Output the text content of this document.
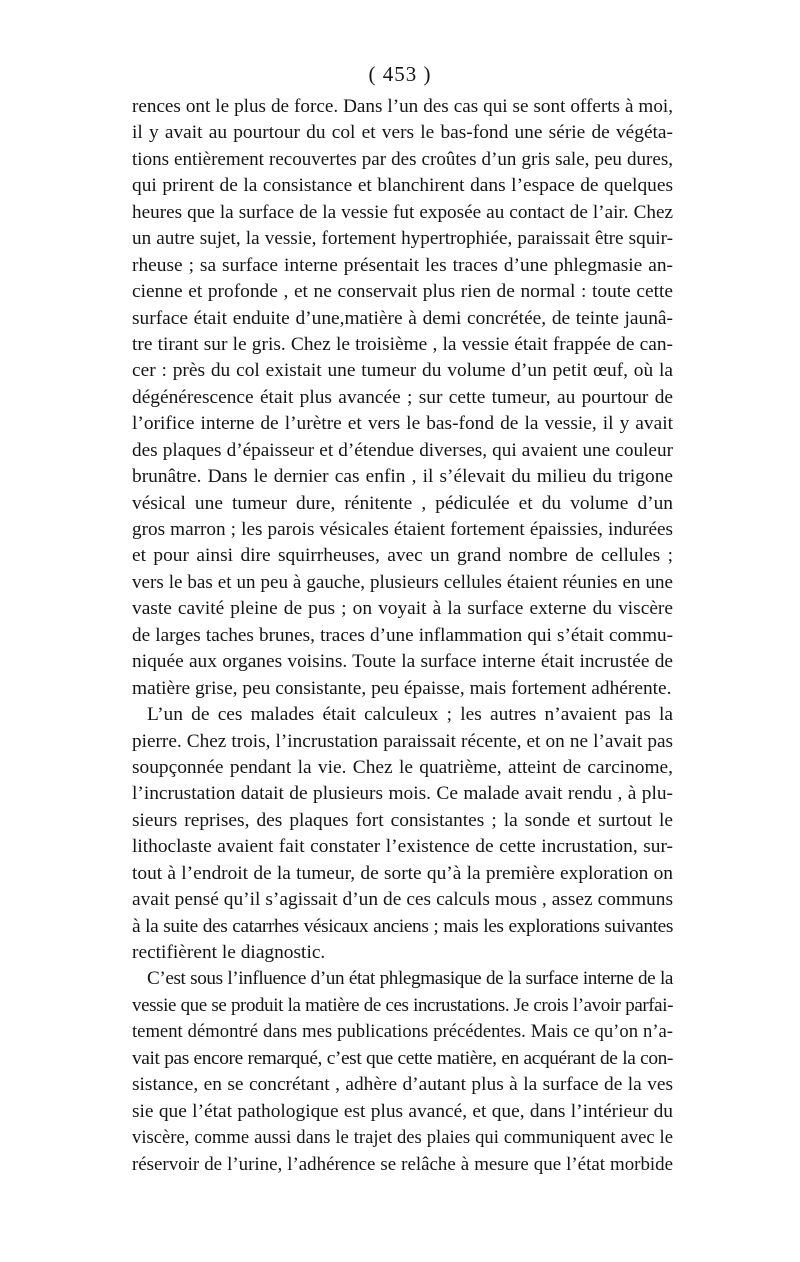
( 453 )
rences ont le plus de force. Dans l’un des cas qui se sont offerts à moi,
il y avait au pourtour du col et vers le bas-fond une série de végéta-
tions entièrement recouvertes par des croûtes d’un gris sale, peu dures,
qui prirent de la consistance et blanchirent dans l’espace de quelques
heures que la surface de la vessie fut exposée au contact de l’air. Chez
un autre sujet, la vessie, fortement hypertrophiée, paraissait être squir-
rheuse ; sa surface interne présentait les traces d’une phlegmasie an-
cienne et profonde , et ne conservait plus rien de normal : toute cette
surface était enduite d’une,matière à demi concrétée, de teinte jaunâ-
tre tirant sur le gris. Chez le troisième , la vessie était frappée de can-
cer : près du col existait une tumeur du volume d’un petit œuf, où la
dégénérescence était plus avancée ; sur cette tumeur, au pourtour de
l’orifice interne de l’urètre et vers le bas-fond de la vessie, il y avait
des plaques d’épaisseur et d’étendue diverses, qui avaient une couleur
brunâtre. Dans le dernier cas enfin , il s’élevait du milieu du trigone
vésical une tumeur dure, rénitente , pédiculée et du volume d’un
gros marron ; les parois vésicales étaient fortement épaissies, indurées
et pour ainsi dire squirrheuses, avec un grand nombre de cellules ;
vers le bas et un peu à gauche, plusieurs cellules étaient réunies en une
vaste cavité pleine de pus ; on voyait à la surface externe du viscère
de larges taches brunes, traces d’une inflammation qui s’était commu-
niquée aux organes voisins. Toute la surface interne était incrustée de
matière grise, peu consistante, peu épaisse, mais fortement adhérente.
L’un de ces malades était calculeux ; les autres n’avaient pas la
pierre. Chez trois, l’incrustation paraissait récente, et on ne l’avait pas
soupçonnée pendant la vie. Chez le quatrième, atteint de carcinome,
l’incrustation datait de plusieurs mois. Ce malade avait rendu , à plu-
sieurs reprises, des plaques fort consistantes ; la sonde et surtout le
lithoclaste avaient fait constater l’existence de cette incrustation, sur-
tout à l’endroit de la tumeur, de sorte qu’à la première exploration on
avait pensé qu’il s’agissait d’un de ces calculs mous , assez communs
à la suite des catarrhes vésicaux anciens ; mais les explorations suivantes
rectifièrent le diagnostic.
C’est sous l’influence d’un état phlegmasique de la surface interne de la
vessie que se produit la matière de ces incrustations. Je crois l’avoir parfai-
tement démontré dans mes publications précédentes. Mais ce qu’on n’a-
vait pas encore remarqué, c’est que cette matière, en acquérant de la con-
sistance, en se concrétant , adhère d’autant plus à la surface de la ves
sie que l’état pathologique est plus avancé, et que, dans l’intérieur du
viscère, comme aussi dans le trajet des plaies qui communiquent avec le
réservoir de l’urine, l’adhérence se relâche à mesure que l’état morbide
